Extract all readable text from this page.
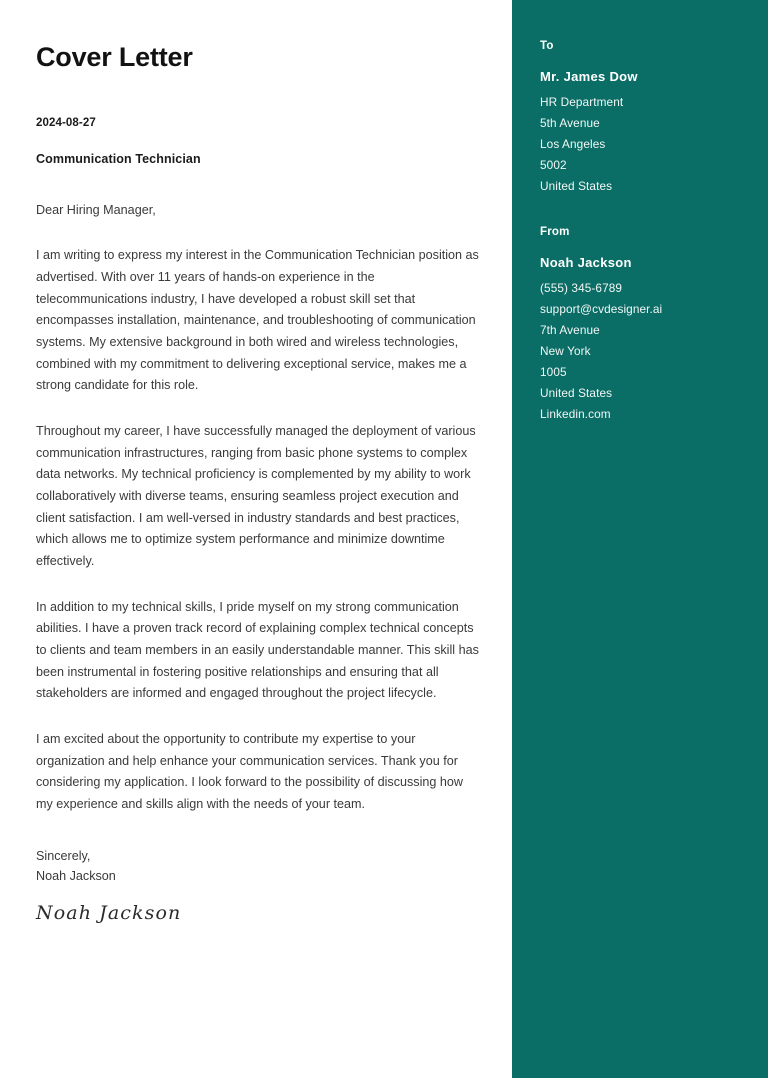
Cover Letter
2024-08-27
Communication Technician
Dear Hiring Manager,

I am writing to express my interest in the Communication Technician position as advertised. With over 11 years of hands-on experience in the telecommunications industry, I have developed a robust skill set that encompasses installation, maintenance, and troubleshooting of communication systems. My extensive background in both wired and wireless technologies, combined with my commitment to delivering exceptional service, makes me a strong candidate for this role.

Throughout my career, I have successfully managed the deployment of various communication infrastructures, ranging from basic phone systems to complex data networks. My technical proficiency is complemented by my ability to work collaboratively with diverse teams, ensuring seamless project execution and client satisfaction. I am well-versed in industry standards and best practices, which allows me to optimize system performance and minimize downtime effectively.

In addition to my technical skills, I pride myself on my strong communication abilities. I have a proven track record of explaining complex technical concepts to clients and team members in an easily understandable manner. This skill has been instrumental in fostering positive relationships and ensuring that all stakeholders are informed and engaged throughout the project lifecycle.

I am excited about the opportunity to contribute my expertise to your organization and help enhance your communication services. Thank you for considering my application. I look forward to the possibility of discussing how my experience and skills align with the needs of your team.

Sincerely,
Noah Jackson
Noah Jackson
To
Mr. James Dow
HR Department
5th Avenue
Los Angeles
5002
United States
From
Noah Jackson
(555) 345-6789
support@cvdesigner.ai
7th Avenue
New York
1005
United States
Linkedin.com
